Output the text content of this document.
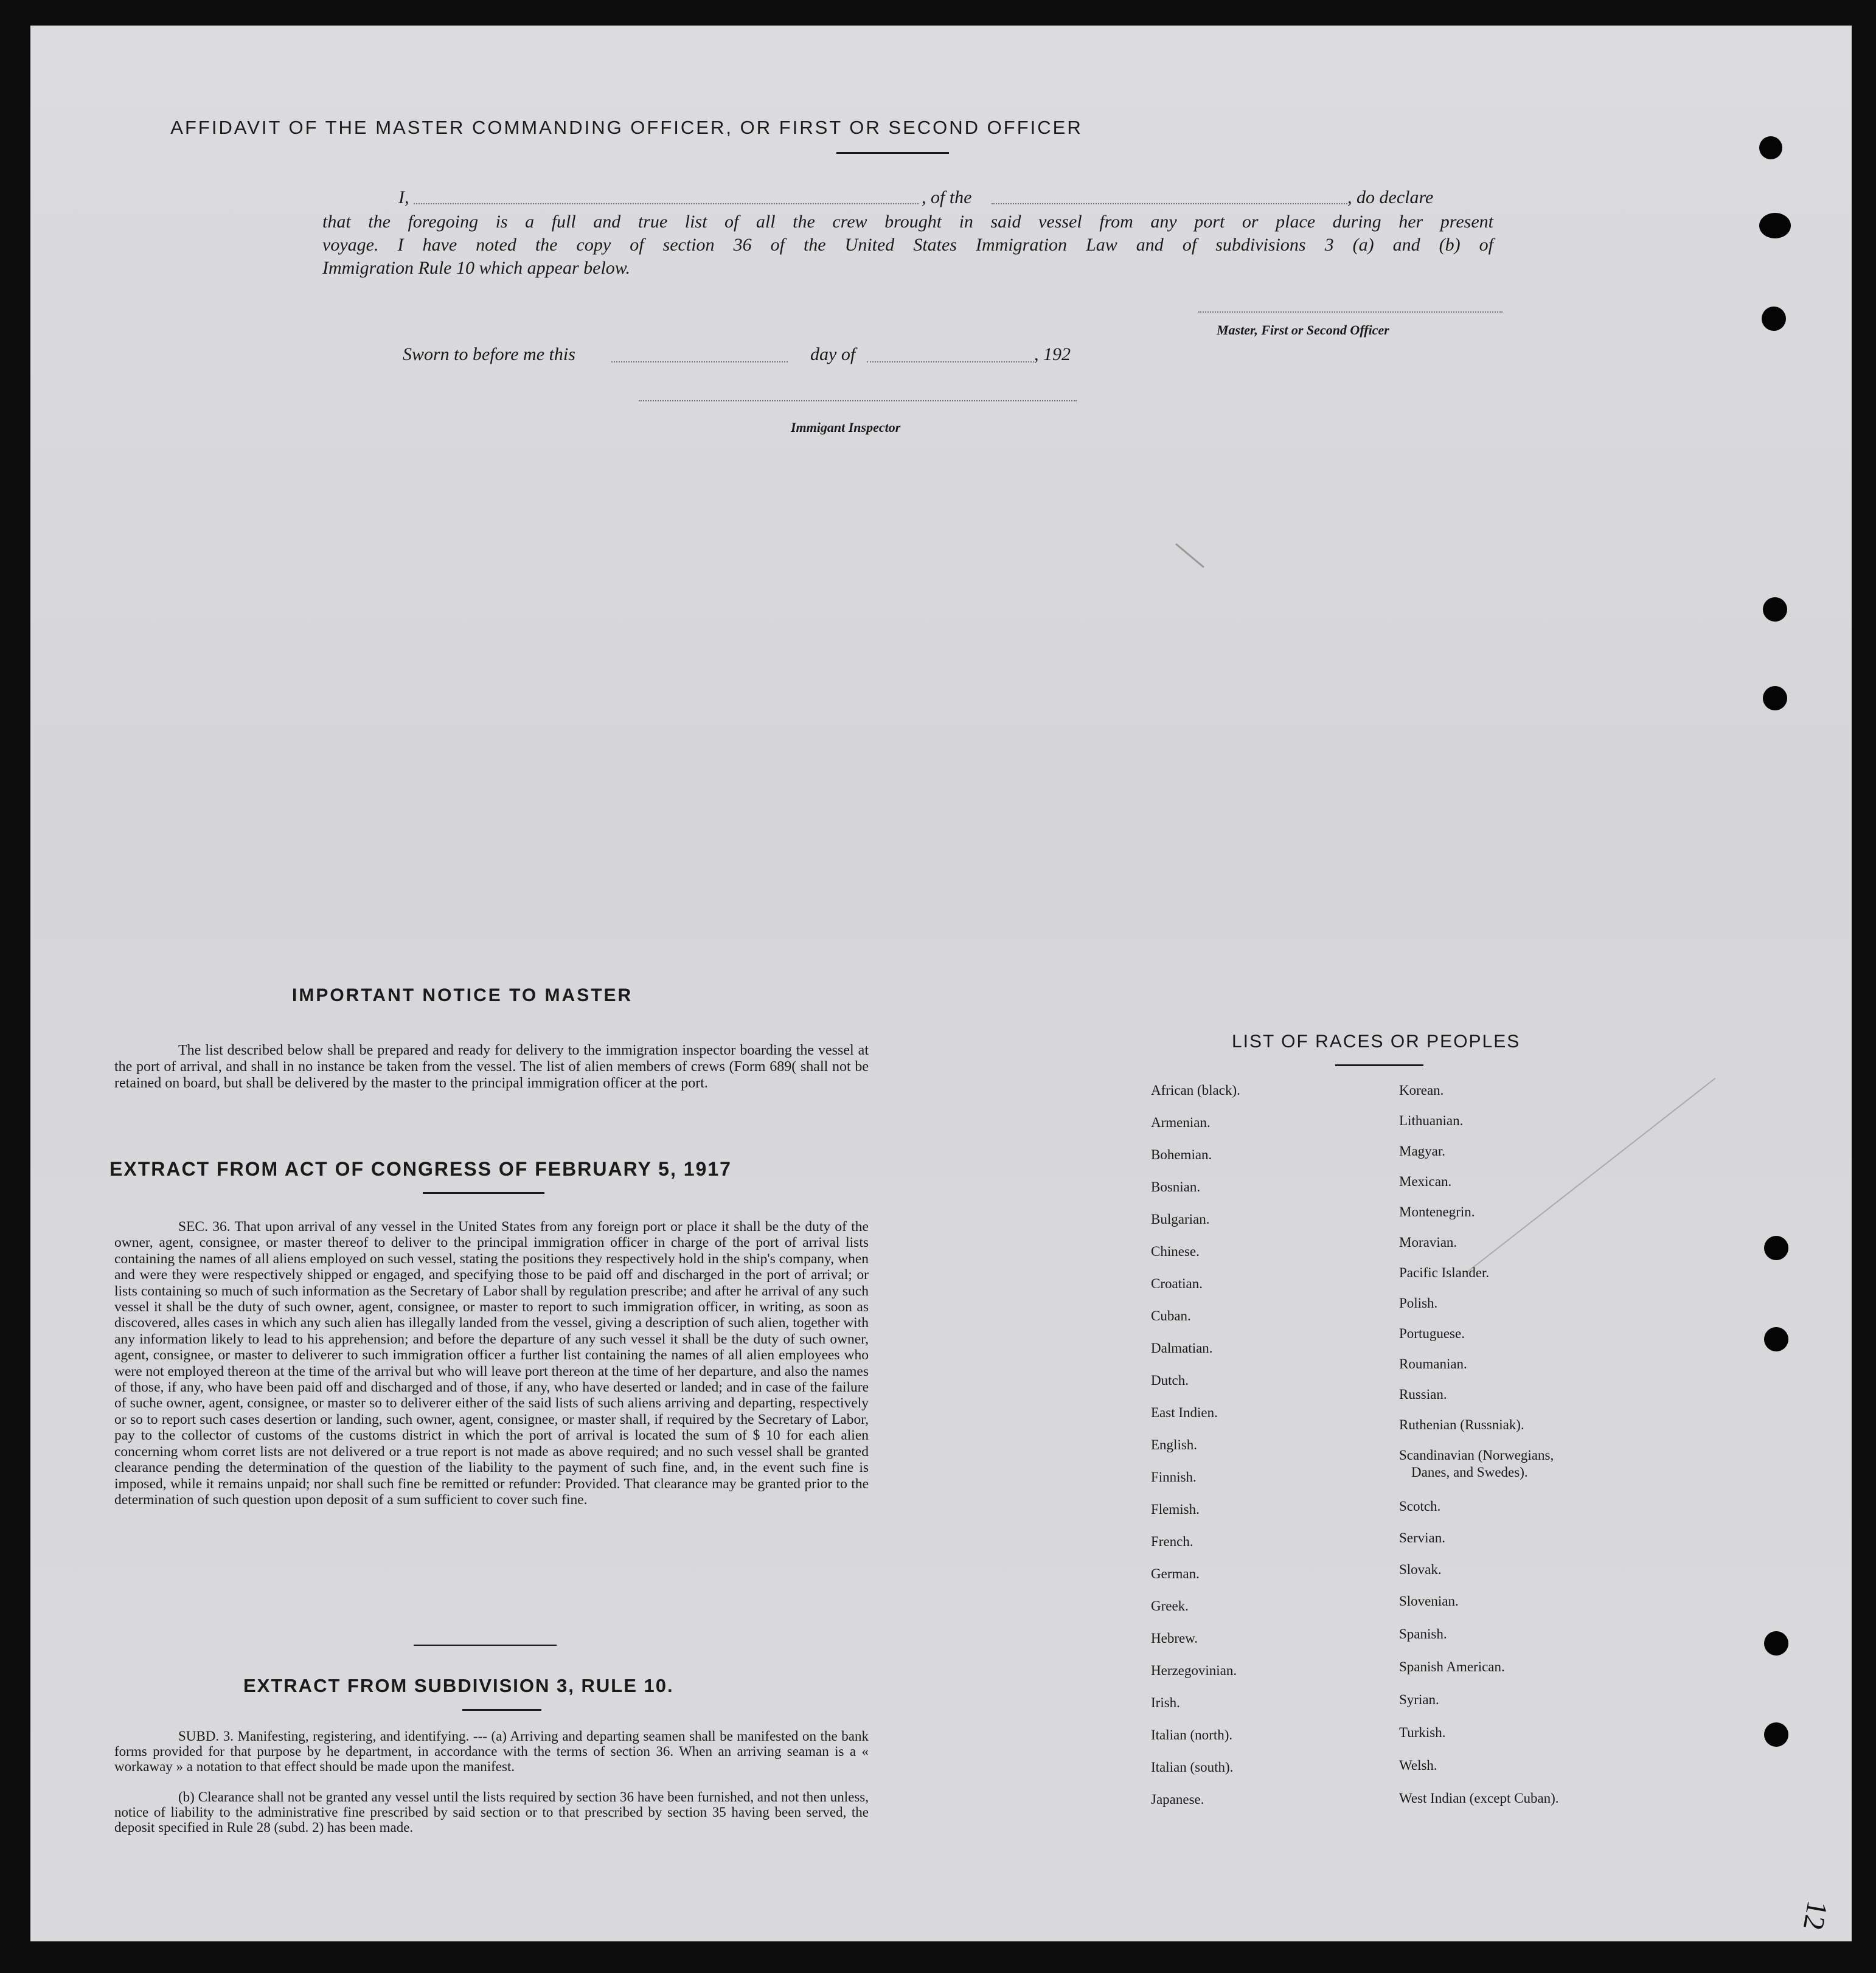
AFFIDAVIT OF THE MASTER COMMANDING OFFICER, OR FIRST OR SECOND OFFICER
I,	, of the	, do declare
that the foregoing is a full and true list of all the crew brought in said vessel from any port or place during her present
voyage. I have noted the copy of section 36 of the United States Immigration Law and of subdivisions 3 (a) and (b) of
Immigration Rule 10 which appear below.
Master, First or Second Officer
Sworn to before me this	day of	, 192
Immigant Inspector
IMPORTANT NOTICE TO MASTER
The list described below shall be prepared and ready for delivery to the immigration inspector boarding the vessel at the port of arrival, and shall in no instance be taken from the vessel. The list of alien members of crews (Form 689( shall not be retained on board, but shall be delivered by the master to the principal immigration officer at the port.
EXTRACT FROM ACT OF CONGRESS OF FEBRUARY 5, 1917
SEC. 36. That upon arrival of any vessel in the United States from any foreign port or place it shall be the duty of the owner, agent, consignee, or master thereof to deliver to the principal immigration officer in charge of the port of arrival lists containing the names of all aliens employed on such vessel, stating the positions they respectively hold in the ship's company, when and were they were respectively shipped or engaged, and specifying those to be paid off and discharged in the port of arrival; or lists containing so much of such information as the Secretary of Labor shall by regulation prescribe; and after he arrival of any such vessel it shall be the duty of such owner, agent, consignee, or master to report to such immigration officer, in writing, as soon as discovered, alles cases in which any such alien has illegally landed from the vessel, giving a description of such alien, together with any information likely to lead to his apprehension; and before the departure of any such vessel it shall be the duty of such owner, agent, consignee, or master to deliverer to such immigration officer a further list containing the names of all alien employees who were not employed thereon at the time of the arrival but who will leave port thereon at the time of her departure, and also the names of those, if any, who have been paid off and discharged and of those, if any, who have deserted or landed; and in case of the failure of suche owner, agent, consignee, or master so to deliverer either of the said lists of such aliens arriving and departing, respectively or so to report such cases desertion or landing, such owner, agent, consignee, or master shall, if required by the Secretary of Labor, pay to the collector of customs of the customs district in which the port of arrival is located the sum of $ 10 for each alien concerning whom corret lists are not delivered or a true report is not made as above required; and no such vessel shall be granted clearance pending the determination of the question of the liability to the payment of such fine, and, in the event such fine is imposed, while it remains unpaid; nor shall such fine be remitted or refunder: Provided. That clearance may be granted prior to the determination of such question upon deposit of a sum sufficient to cover such fine.
EXTRACT FROM SUBDIVISION 3, RULE 10.
SUBD. 3. Manifesting, registering, and identifying. --- (a) Arriving and departing seamen shall be manifested on the bank forms provided for that purpose by he department, in accordance with the terms of section 36. When an arriving seaman is a « workaway » a notation to that effect should be made upon the manifest.
(b) Clearance shall not be granted any vessel until the lists required by section 36 have been furnished, and not then unless, notice of liability to the administrative fine prescribed by said section or to that prescribed by section 35 having been served, the deposit specified in Rule 28 (subd. 2) has been made.
LIST OF RACES OR PEOPLES
African (black).
Armenian.
Bohemian.
Bosnian.
Bulgarian.
Chinese.
Croatian.
Cuban.
Dalmatian.
Dutch.
East Indien.
English.
Finnish.
Flemish.
French.
German.
Greek.
Hebrew.
Herzegovinian.
Irish.
Italian (north).
Italian (south).
Japanese.
Korean.
Lithuanian.
Magyar.
Mexican.
Montenegrin.
Moravian.
Pacific Islander.
Polish.
Portuguese.
Roumanian.
Russian.
Ruthenian (Russniak).
Scandinavian (Norwegians,
Danes, and Swedes).
Scotch.
Servian.
Slovak.
Slovenian.
Spanish.
Spanish American.
Syrian.
Turkish.
Welsh.
West Indian (except Cuban).
12
